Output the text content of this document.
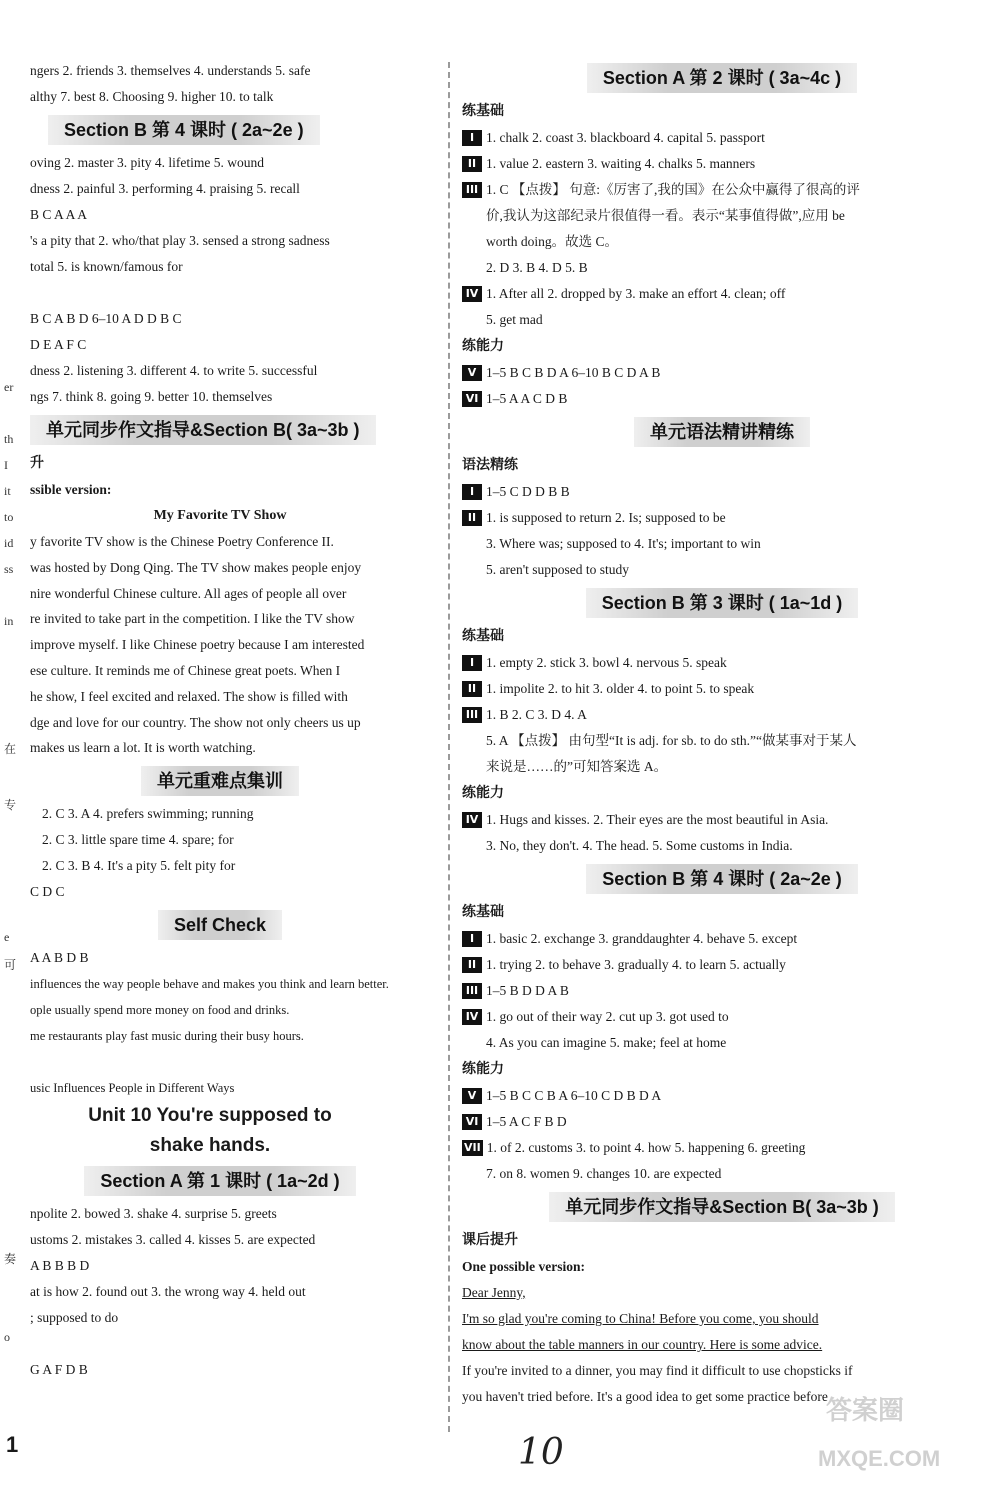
er
th
I
it
to
id
ss
in
在
专
e
可
奏
o
ngers 2. friends 3. themselves 4. understands 5. safe
althy 7. best 8. Choosing 9. higher 10. to talk
Section B 第 4 课时 ( 2a~2e )
oving 2. master 3. pity 4. lifetime 5. wound
dness 2. painful 3. performing 4. praising 5. recall
B C A A A
's a pity that 2. who/that play 3. sensed a strong sadness
total 5. is known/famous for
B C A B D 6–10 A D D B C
D E A F C
dness 2. listening 3. different 4. to write 5. successful
ngs 7. think 8. going 9. better 10. themselves
单元同步作文指导&Section B( 3a~3b )
升
ssible version:
My Favorite TV Show
y favorite TV show is the Chinese Poetry Conference II.
was hosted by Dong Qing. The TV show makes people enjoy
nire wonderful Chinese culture. All ages of people all over
re invited to take part in the competition. I like the TV show
improve myself. I like Chinese poetry because I am interested
ese culture. It reminds me of Chinese great poets. When I
he show, I feel excited and relaxed. The show is filled with
dge and love for our country. The show not only cheers us up
makes us learn a lot. It is worth watching.
单元重难点集训
2. C 3. A 4. prefers swimming; running
2. C 3. little spare time 4. spare; for
2. C 3. B 4. It's a pity 5. felt pity for
C D C
Self Check
A A B D B
influences the way people behave and makes you think and learn better.
ople usually spend more money on food and drinks.
me restaurants play fast music during their busy hours.
usic Influences People in Different Ways
Unit 10 You're supposed to
shake hands.
Section A 第 1 课时 ( 1a~2d )
npolite 2. bowed 3. shake 4. surprise 5. greets
ustoms 2. mistakes 3. called 4. kisses 5. are expected
A B B B D
at is how 2. found out 3. the wrong way 4. held out
; supposed to do
G A F D B
Section A 第 2 课时 ( 3a~4c )
练基础
I 1. chalk 2. coast 3. blackboard 4. capital 5. passport
II 1. value 2. eastern 3. waiting 4. chalks 5. manners
III 1. C 【点拨】 句意:《厉害了,我的国》在公众中赢得了很高的评
价,我认为这部纪录片很值得一看。表示“某事值得做”,应用 be
worth doing。故选 C。
2. D 3. B 4. D 5. B
IV 1. After all 2. dropped by 3. make an effort 4. clean; off
5. get mad
练能力
V 1–5 B C B D A 6–10 B C D A B
VI 1–5 A A C D B
单元语法精讲精练
语法精练
I 1–5 C D D B B
II 1. is supposed to return 2. Is; supposed to be
3. Where was; supposed to 4. It's; important to win
5. aren't supposed to study
Section B 第 3 课时 ( 1a~1d )
练基础
I 1. empty 2. stick 3. bowl 4. nervous 5. speak
II 1. impolite 2. to hit 3. older 4. to point 5. to speak
III 1. B 2. C 3. D 4. A
5. A 【点拨】 由句型“It is adj. for sb. to do sth.”“做某事对于某人
来说是……的”可知答案选 A。
练能力
IV 1. Hugs and kisses. 2. Their eyes are the most beautiful in Asia.
3. No, they don't. 4. The head. 5. Some customs in India.
Section B 第 4 课时 ( 2a~2e )
练基础
I 1. basic 2. exchange 3. granddaughter 4. behave 5. except
II 1. trying 2. to behave 3. gradually 4. to learn 5. actually
III 1–5 B D D A B
IV 1. go out of their way 2. cut up 3. got used to
4. As you can imagine 5. make; feel at home
练能力
V 1–5 B C C B A 6–10 C D B D A
VI 1–5 A C F B D
VII 1. of 2. customs 3. to point 4. how 5. happening 6. greeting
7. on 8. women 9. changes 10. are expected
单元同步作文指导&Section B( 3a~3b )
课后提升
One possible version:
Dear Jenny,
I'm so glad you're coming to China! Before you come, you should
know about the table manners in our country. Here is some advice.
If you're invited to a dinner, you may find it difficult to use chopsticks if
you haven't tried before. It's a good idea to get some practice before
1	10
答案圈
MXQE.COM
